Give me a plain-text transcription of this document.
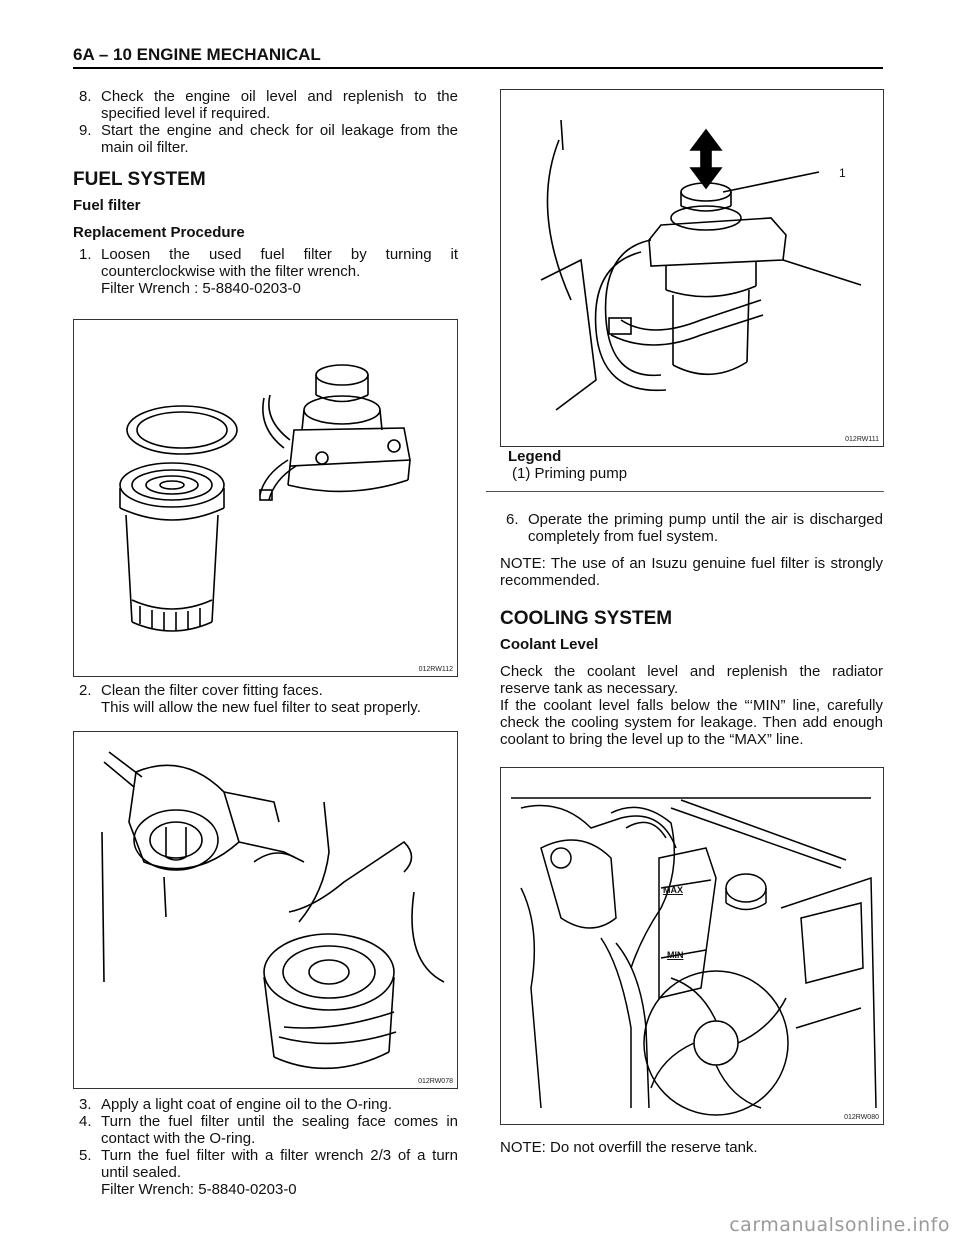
6A – 10 ENGINE MECHANICAL

8. Check the engine oil level and replenish to the specified level if required.

9. Start the engine and check for oil leakage from the main oil filter.

FUEL SYSTEM

Fuel filter

Replacement Procedure

1. Loosen the used fuel filter by turning it counterclockwise with the filter wrench.
Filter Wrench : 5-8840-0203-0

012RW112

2. Clean the filter cover fitting faces.
This will allow the new fuel filter to seat properly.

012RW078

3. Apply a light coat of engine oil to the O-ring.

4. Turn the fuel filter until the sealing face comes in contact with the O-ring.

5. Turn the fuel filter with a filter wrench 2/3 of a turn until sealed.
Filter Wrench: 5-8840-0203-0

1
012RW111
Legend
(1) Priming pump

6. Operate the priming pump until the air is discharged completely from fuel system.

NOTE: The use of an Isuzu genuine fuel filter is strongly recommended.

COOLING SYSTEM

Coolant Level

Check the coolant level and replenish the radiator reserve tank as necessary.

If the coolant level falls below the “‘MIN” line, carefully check the cooling system for leakage. Then add enough coolant to bring the level up to the “MAX” line.

MAX
MIN
012RW080

NOTE: Do not overfill the reserve tank.

carmanualsonline.info
